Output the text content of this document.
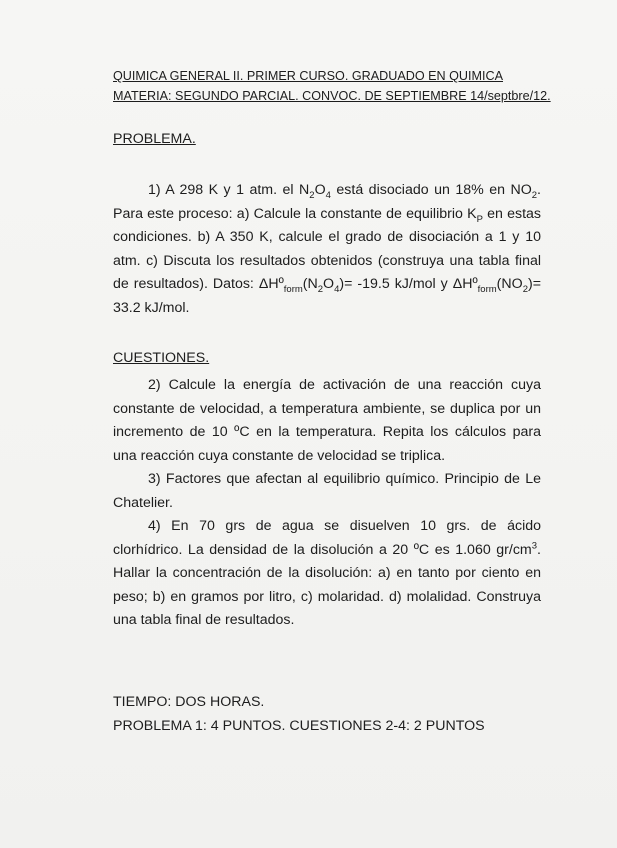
QUIMICA GENERAL II. PRIMER CURSO. GRADUADO EN QUIMICA
MATERIA: SEGUNDO PARCIAL. CONVOC. DE SEPTIEMBRE 14/septbre/12.
PROBLEMA.

1) A 298 K y 1 atm. el $N_2O_4$ está disociado un 18% en $NO_2$. Para este proceso: a) Calcule la constante de equilibrio $K_P$ en estas condiciones. b) A 350 K, calcule el grado de disociación a 1 y 10 atm. c) Discuta los resultados obtenidos (construya una tabla final de resultados). Datos: $\Delta Hº_{form}(N_2O_4)= -19.5$ kJ/mol y $\Delta Hº_{form}(NO_2)= 33.2$ kJ/mol.

CUESTIONES.

2) Calcule la energía de activación de una reacción cuya constante de velocidad, a temperatura ambiente, se duplica por un incremento de 10 ºC en la temperatura. Repita los cálculos para una reacción cuya constante de velocidad se triplica.

3) Factores que afectan al equilibrio químico. Principio de Le Chatelier.

4) En 70 grs de agua se disuelven 10 grs. de ácido clorhídrico. La densidad de la disolución a 20 ºC es 1.060 $gr/cm^3$. Hallar la concentración de la disolución: a) en tanto por ciento en peso; b) en gramos por litro, c) molaridad. d) molalidad. Construya una tabla final de resultados.

TIEMPO: DOS HORAS.
PROBLEMA 1: 4 PUNTOS. CUESTIONES 2-4: 2 PUNTOS
